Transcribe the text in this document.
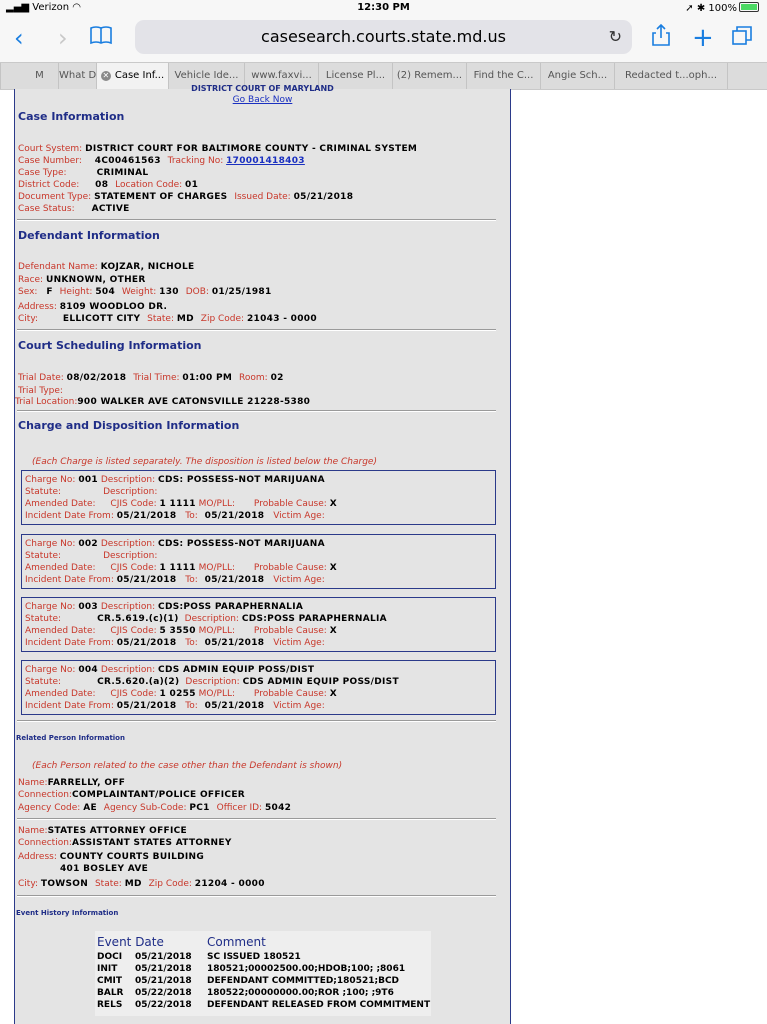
▂▄▆ Verizon ◠	12:30 PM	➚ ✱ 100%
‹ ›	casesearch.courts.state.md.us	↻	+
M	What D ✕ Case Inf...	Vehicle Ide...	www.faxvi...	License Pl...	(2) Remem...	Find the C...	Angie Sch...	Redacted t...oph...
DISTRICT COURT OF MARYLAND
Go Back Now
Case Information
Court System: DISTRICT COURT FOR BALTIMORE COUNTY - CRIMINAL SYSTEM
Case Number: 4C00461563 Tracking No: 170001418403
Case Type:	CRIMINAL
District Code: 08 Location Code: 01
Document Type: STATEMENT OF CHARGES Issued Date: 05/21/2018
Case Status: ACTIVE
Defendant Information
Defendant Name: KOJZAR, NICHOLE
Race: UNKNOWN, OTHER
Sex: F Height: 504 Weight: 130 DOB: 01/25/1981
Address: 8109 WOODLOO DR.
City:	ELLICOTT CITY State: MD Zip Code: 21043 - 0000
Court Scheduling Information
Trial Date: 08/02/2018 Trial Time: 01:00 PM Room: 02
Trial Type:
Trial Location:900 WALKER AVE CATONSVILLE 21228-5380
Charge and Disposition Information
(Each Charge is listed separately. The disposition is listed below the Charge)
Charge No: 001 Description: CDS: POSSESS-NOT MARIJUANA
Statute:	Description:
Amended Date: CJIS Code: 1 1111 MO/PLL: Probable Cause: X
Incident Date From: 05/21/2018 To: 05/21/2018 Victim Age:
Charge No: 002 Description: CDS: POSSESS-NOT MARIJUANA
Statute:	Description:
Amended Date: CJIS Code: 1 1111 MO/PLL: Probable Cause: X
Incident Date From: 05/21/2018 To: 05/21/2018 Victim Age:
Charge No: 003 Description: CDS:POSS PARAPHERNALIA
Statute:	CR.5.619.(c)(1) Description: CDS:POSS PARAPHERNALIA
Amended Date: CJIS Code: 5 3550 MO/PLL: Probable Cause: X
Incident Date From: 05/21/2018 To: 05/21/2018 Victim Age:
Charge No: 004 Description: CDS ADMIN EQUIP POSS/DIST
Statute:	CR.5.620.(a)(2) Description: CDS ADMIN EQUIP POSS/DIST
Amended Date: CJIS Code: 1 0255 MO/PLL: Probable Cause: X
Incident Date From: 05/21/2018 To: 05/21/2018 Victim Age:
Related Person Information
(Each Person related to the case other than the Defendant is shown)
Name:FARRELLY, OFF
Connection:COMPLAINTANT/POLICE OFFICER
Agency Code: AE Agency Sub-Code: PC1 Officer ID: 5042
Name:STATES ATTORNEY OFFICE
Connection:ASSISTANT STATES ATTORNEY
Address: COUNTY COURTS BUILDING
401 BOSLEY AVE
City: TOWSON State: MD Zip Code: 21204 - 0000
Event History Information
Event Date	Comment
DOCI 05/21/2018 SC ISSUED 180521
INIT 05/21/2018 180521;00002500.00;HDOB;100; ;8061
CMIT 05/21/2018 DEFENDANT COMMITTED;180521;BCD
BALR 05/22/2018 180522;00000000.00;ROR ;100; ;9T6
RELS 05/22/2018 DEFENDANT RELEASED FROM COMMITMENT
